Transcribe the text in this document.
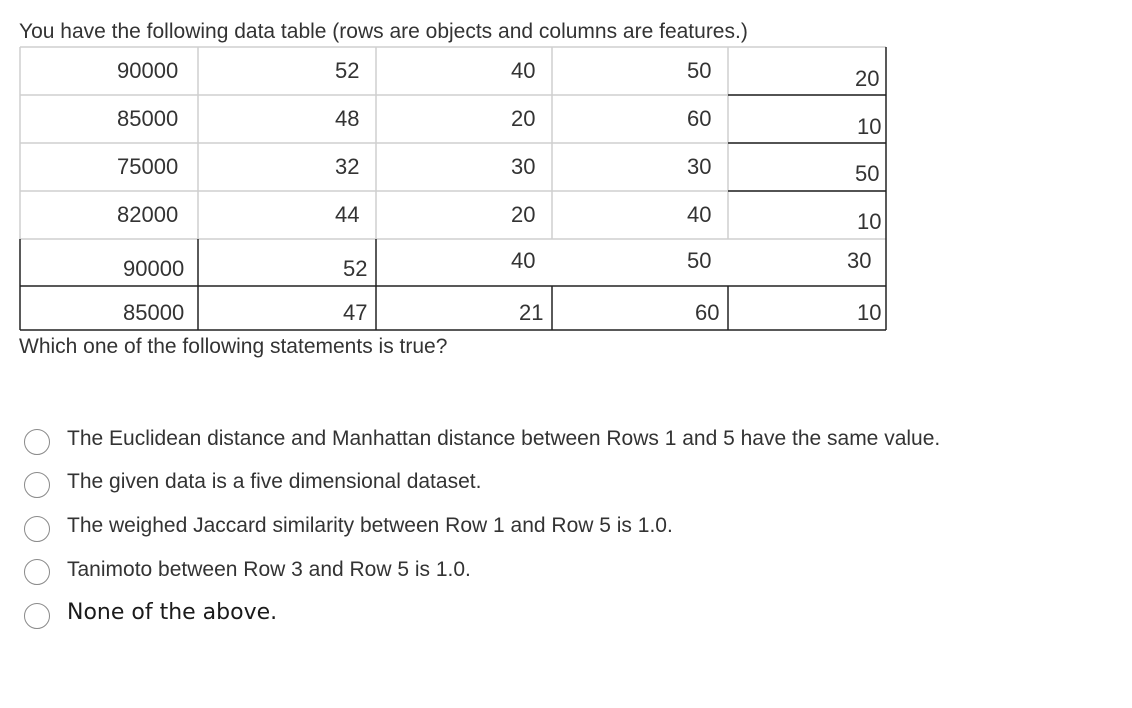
You have the following data table (rows are objects and columns are features.)
90000	52	40	50	20
85000	48	20	60	10
75000	32	30	30	50
82000	44	20	40	10
90000	52	40	50	30
85000	47	21	60	10
Which one of the following statements is true?
The Euclidean distance and Manhattan distance between Rows 1 and 5 have the same value.
The given data is a five dimensional dataset.
The weighed Jaccard similarity between Row 1 and Row 5 is 1.0.
Tanimoto between Row 3 and Row 5 is 1.0.
None of the above.
